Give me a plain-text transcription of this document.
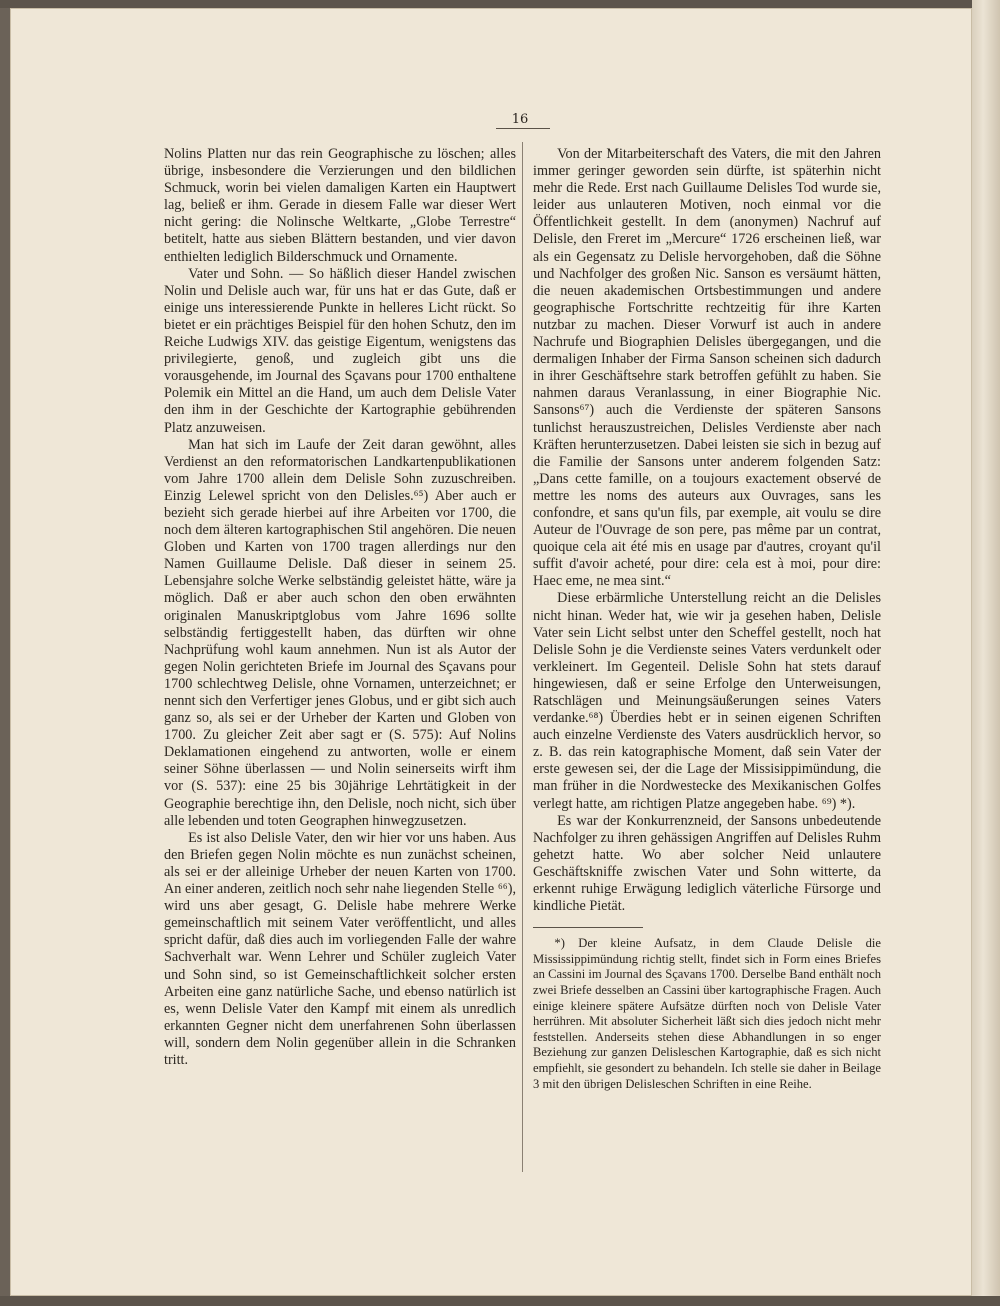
16

Nolins Platten nur das rein Geographische zu löschen; alles übrige, insbesondere die Verzierungen und den bildlichen Schmuck, worin bei vielen damaligen Karten ein Hauptwert lag, beließ er ihm. Gerade in diesem Falle war dieser Wert nicht gering: die Nolinsche Weltkarte, „Globe Terrestre“ betitelt, hatte aus sieben Blättern bestanden, und vier davon enthielten lediglich Bilderschmuck und Ornamente.

Vater und Sohn. — So häßlich dieser Handel zwischen Nolin und Delisle auch war, für uns hat er das Gute, daß er einige uns interessierende Punkte in helleres Licht rückt. So bietet er ein prächtiges Beispiel für den hohen Schutz, den im Reiche Ludwigs XIV. das geistige Eigentum, wenigstens das privilegierte, genoß, und zugleich gibt uns die vorausgehende, im Journal des Sçavans pour 1700 enthaltene Polemik ein Mittel an die Hand, um auch dem Delisle Vater den ihm in der Geschichte der Kartographie gebührenden Platz anzuweisen.

Man hat sich im Laufe der Zeit daran gewöhnt, alles Verdienst an den reformatorischen Landkartenpublikationen vom Jahre 1700 allein dem Delisle Sohn zuzuschreiben. Einzig Lelewel spricht von den Delisles.⁶⁵) Aber auch er bezieht sich gerade hierbei auf ihre Arbeiten vor 1700, die noch dem älteren kartographischen Stil angehören. Die neuen Globen und Karten von 1700 tragen allerdings nur den Namen Guillaume Delisle. Daß dieser in seinem 25. Lebensjahre solche Werke selbständig geleistet hätte, wäre ja möglich. Daß er aber auch schon den oben erwähnten originalen Manuskriptglobus vom Jahre 1696 sollte selbständig fertiggestellt haben, das dürften wir ohne Nachprüfung wohl kaum annehmen. Nun ist als Autor der gegen Nolin gerichteten Briefe im Journal des Sçavans pour 1700 schlechtweg Delisle, ohne Vornamen, unterzeichnet; er nennt sich den Verfertiger jenes Globus, und er gibt sich auch ganz so, als sei er der Urheber der Karten und Globen von 1700. Zu gleicher Zeit aber sagt er (S. 575): Auf Nolins Deklamationen eingehend zu antworten, wolle er einem seiner Söhne überlassen — und Nolin seinerseits wirft ihm vor (S. 537): eine 25 bis 30jährige Lehrtätigkeit in der Geographie berechtige ihn, den Delisle, noch nicht, sich über alle lebenden und toten Geographen hinwegzusetzen.

Es ist also Delisle Vater, den wir hier vor uns haben. Aus den Briefen gegen Nolin möchte es nun zunächst scheinen, als sei er der alleinige Urheber der neuen Karten von 1700. An einer anderen, zeitlich noch sehr nahe liegenden Stelle ⁶⁶), wird uns aber gesagt, G. Delisle habe mehrere Werke gemeinschaftlich mit seinem Vater veröffentlicht, und alles spricht dafür, daß dies auch im vorliegenden Falle der wahre Sachverhalt war. Wenn Lehrer und Schüler zugleich Vater und Sohn sind, so ist Gemeinschaftlichkeit solcher ersten Arbeiten eine ganz natürliche Sache, und ebenso natürlich ist es, wenn Delisle Vater den Kampf mit einem als unredlich erkannten Gegner nicht dem unerfahrenen Sohn überlassen will, sondern dem Nolin gegenüber allein in die Schranken tritt.

Von der Mitarbeiterschaft des Vaters, die mit den Jahren immer geringer geworden sein dürfte, ist späterhin nicht mehr die Rede. Erst nach Guillaume Delisles Tod wurde sie, leider aus unlauteren Motiven, noch einmal vor die Öffentlichkeit gestellt. In dem (anonymen) Nachruf auf Delisle, den Freret im „Mercure“ 1726 erscheinen ließ, war als ein Gegensatz zu Delisle hervorgehoben, daß die Söhne und Nachfolger des großen Nic. Sanson es versäumt hätten, die neuen akademischen Ortsbestimmungen und andere geographische Fortschritte rechtzeitig für ihre Karten nutzbar zu machen. Dieser Vorwurf ist auch in andere Nachrufe und Biographien Delisles übergegangen, und die dermaligen Inhaber der Firma Sanson scheinen sich dadurch in ihrer Geschäftsehre stark betroffen gefühlt zu haben. Sie nahmen daraus Veranlassung, in einer Biographie Nic. Sansons⁶⁷) auch die Verdienste der späteren Sansons tunlichst herauszustreichen, Delisles Verdienste aber nach Kräften herunterzusetzen. Dabei leisten sie sich in bezug auf die Familie der Sansons unter anderem folgenden Satz: „Dans cette famille, on a toujours exactement observé de mettre les noms des auteurs aux Ouvrages, sans les confondre, et sans qu'un fils, par exemple, ait voulu se dire Auteur de l'Ouvrage de son pere, pas même par un contrat, quoique cela ait été mis en usage par d'autres, croyant qu'il suffit d'avoir acheté, pour dire: cela est à moi, pour dire: Haec eme, ne mea sint.“

Diese erbärmliche Unterstellung reicht an die Delisles nicht hinan. Weder hat, wie wir ja gesehen haben, Delisle Vater sein Licht selbst unter den Scheffel gestellt, noch hat Delisle Sohn je die Verdienste seines Vaters verdunkelt oder verkleinert. Im Gegenteil. Delisle Sohn hat stets darauf hingewiesen, daß er seine Erfolge den Unterweisungen, Ratschlägen und Meinungsäußerungen seines Vaters verdanke.⁶⁸) Überdies hebt er in seinen eigenen Schriften auch einzelne Verdienste des Vaters ausdrücklich hervor, so z. B. das rein katographische Moment, daß sein Vater der erste gewesen sei, der die Lage der Missisippimündung, die man früher in die Nordwestecke des Mexikanischen Golfes verlegt hatte, am richtigen Platze angegeben habe. ⁶⁹) *).

Es war der Konkurrenzneid, der Sansons unbedeutende Nachfolger zu ihren gehässigen Angriffen auf Delisles Ruhm gehetzt hatte. Wo aber solcher Neid unlautere Geschäftskniffe zwischen Vater und Sohn witterte, da erkennt ruhige Erwägung lediglich väterliche Fürsorge und kindliche Pietät.

*) Der kleine Aufsatz, in dem Claude Delisle die Mississippimündung richtig stellt, findet sich in Form eines Briefes an Cassini im Journal des Sçavans 1700. Derselbe Band enthält noch zwei Briefe desselben an Cassini über kartographische Fragen. Auch einige kleinere spätere Aufsätze dürften noch von Delisle Vater herrühren. Mit absoluter Sicherheit läßt sich dies jedoch nicht mehr feststellen. Anderseits stehen diese Abhandlungen in so enger Beziehung zur ganzen Delisleschen Kartographie, daß es sich nicht empfiehlt, sie gesondert zu behandeln. Ich stelle sie daher in Beilage 3 mit den übrigen Delisleschen Schriften in eine Reihe.
